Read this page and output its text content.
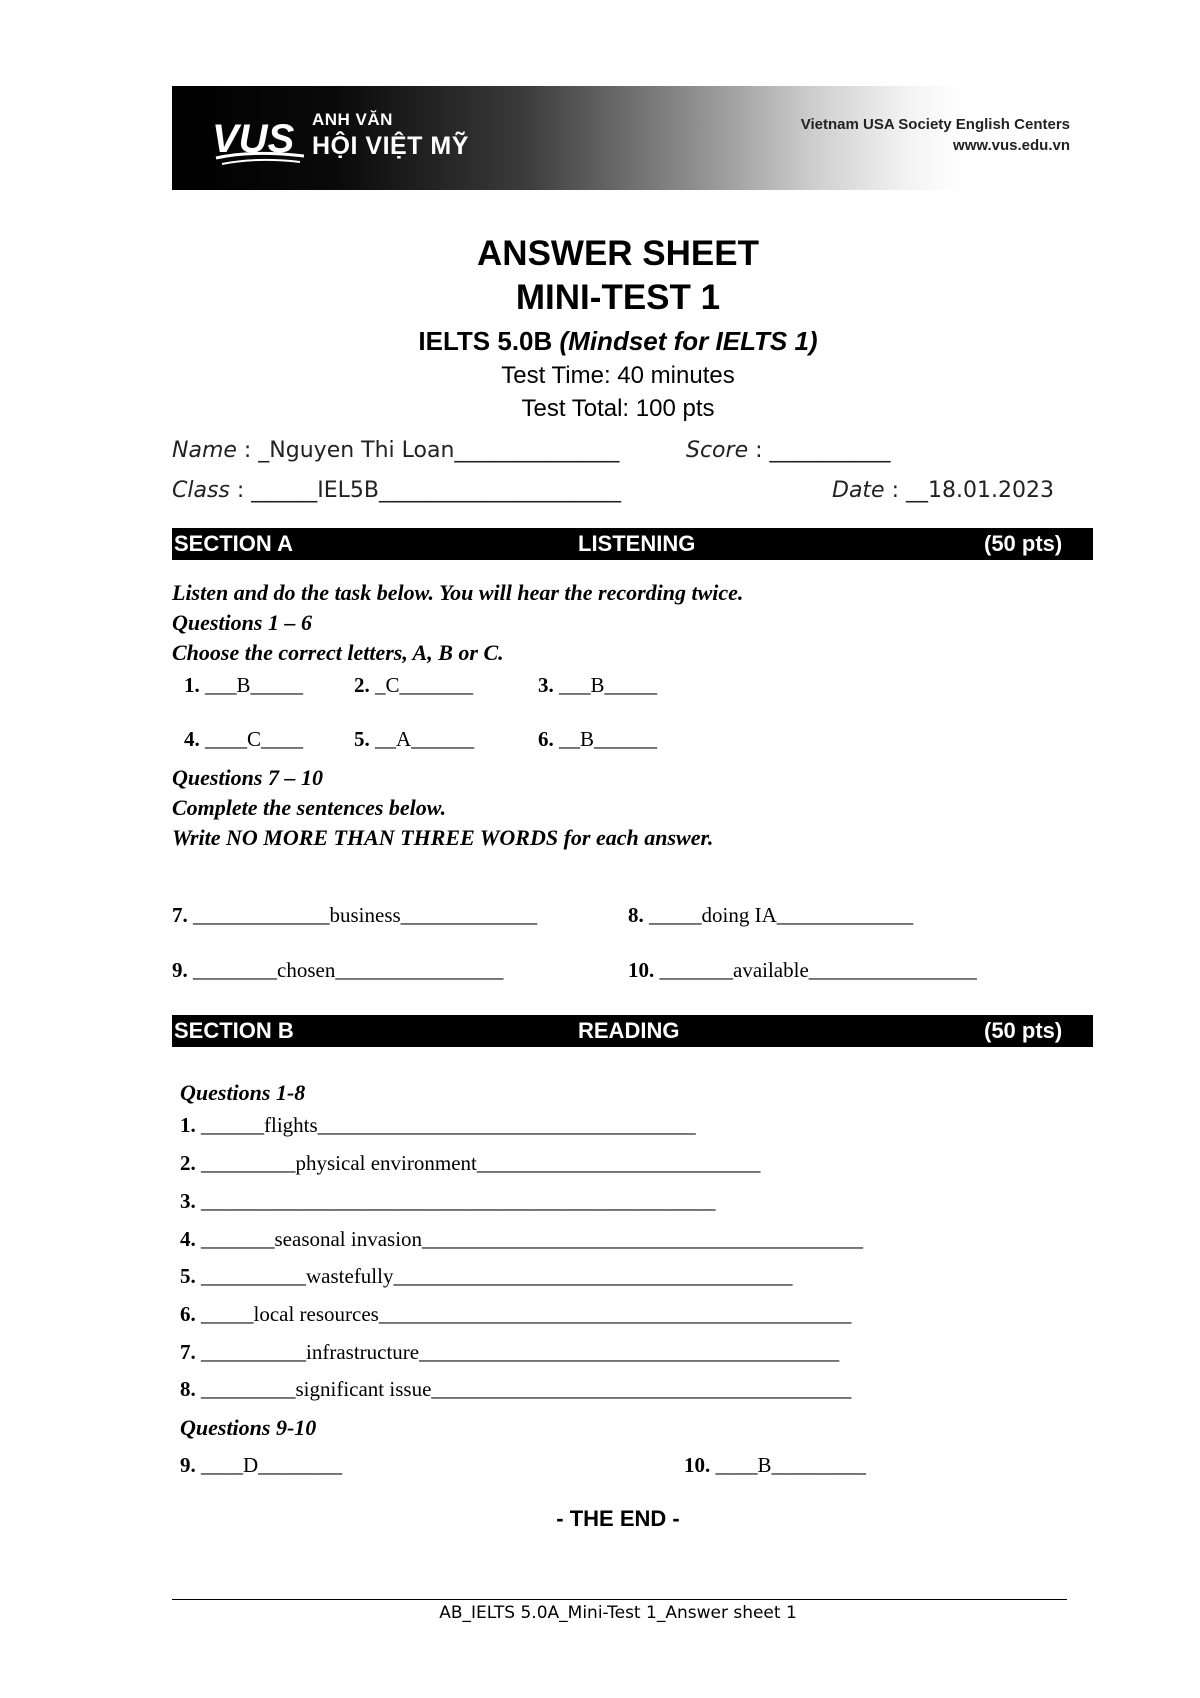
VUS ANH VĂN
HỘI VIỆT MỸ
Vietnam USA Society English Centers
www.vus.edu.vn
ANSWER SHEET
MINI-TEST 1
IELTS 5.0B (Mindset for IELTS 1)
Test Time: 40 minutes
Test Total: 100 pts
Name : _Nguyen Thi Loan_______________	Score : ___________
Class : ______IEL5B______________________	Date : __18.01.2023
SECTION A	LISTENING	(50 pts)
Listen and do the task below. You will hear the recording twice.
Questions 1 – 6
Choose the correct letters, A, B or C.
1. ___B_____ 2. _C_______	3. ___B_____
4. ____C____ 5. __A______	6. __B______
Questions 7 – 10
Complete the sentences below.
Write NO MORE THAN THREE WORDS for each answer.
7. _____________business_____________	8. _____doing IA_____________
9. ________chosen________________	10. _______available________________
SECTION B	READING	(50 pts)
Questions 1-8
1. ______flights____________________________________
2. _________physical environment___________________________
3. _________________________________________________
4. _______seasonal invasion__________________________________________
5. __________wastefully______________________________________
6. _____local resources_____________________________________________
7. __________infrastructure________________________________________
8. _________significant issue________________________________________
Questions 9-10
9. ____D________	10. ____B_________
- THE END -
AB_IELTS 5.0A_Mini-Test 1_Answer sheet 1
